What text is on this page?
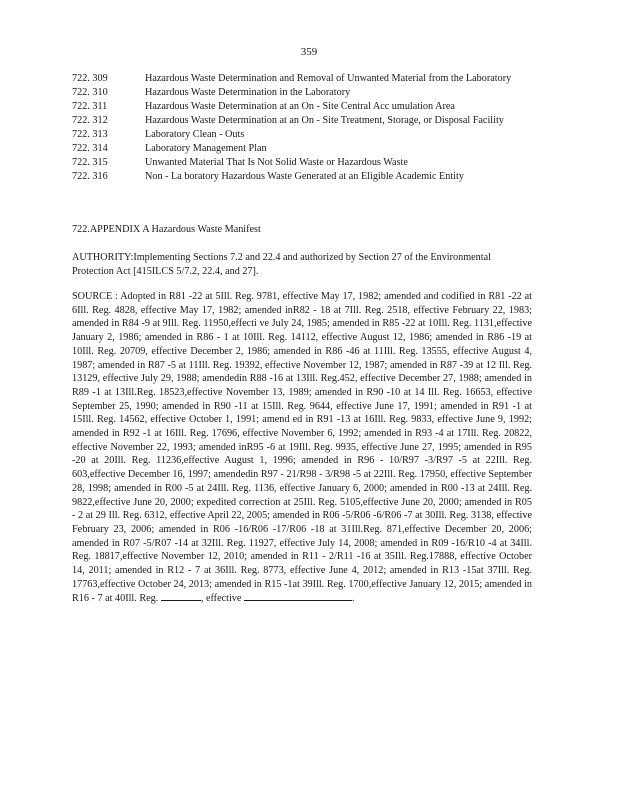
359
722. 309	Hazardous Waste Determination and Removal of Unwanted Material from the Laboratory
722. 310	Hazardous Waste Determination in the Laboratory
722. 311	Hazardous Waste Determination at an On - Site Central Acc umulation Area
722. 312	Hazardous Waste Determination at an On - Site Treatment, Storage, or Disposal Facility
722. 313	Laboratory Clean - Outs
722. 314	Laboratory Management Plan
722. 315	Unwanted Material That Is Not Solid Waste or Hazardous Waste
722. 316	Non - La boratory Hazardous Waste Generated at an Eligible Academic Entity
722.APPENDIX A Hazardous Waste Manifest
AUTHORITY:Implementing Sections 7.2 and 22.4 and authorized by Section 27 of the Environmental Protection Act [415ILCS 5/7.2, 22.4, and 27].
SOURCE : Adopted in R81 -22 at 5Ill. Reg. 9781, effective May 17, 1982; amended and codified in R81 -22 at 6Ill. Reg. 4828, effective May 17, 1982; amended inR82 - 18 at 7Ill. Reg. 2518, effective February 22, 1983; amended in R84 -9 at 9Ill. Reg. 11950,effecti ve July 24, 1985; amended in R85 -22 at 10Ill. Reg. 1131,effective January 2, 1986; amended in R86 - 1 at 10Ill. Reg. 14112, effective August 12, 1986; amended in R86 -19 at 10Ill. Reg. 20709, effective December 2, 1986; amended in R86 -46 at 11Ill. Reg. 13555, effective August 4, 1987; amended in R87 -5 at 11Ill. Reg. 19392, effective November 12, 1987; amended in R87 -39 at 12 Ill. Reg. 13129, effective July 29, 1988; amendedin R88 -16 at 13Ill. Reg.452, effective December 27, 1988; amended in R89 -1 at 13Ill.Reg. 18523,effective November 13, 1989; amended in R90 -10 at 14 Ill. Reg. 16653, effective September 25, 1990; amended in R90 -11 at 15Ill. Reg. 9644, effective June 17, 1991; amended in R91 -1 at 15Ill. Reg. 14562, effective October 1, 1991; amend ed in R91 -13 at 16Ill. Reg. 9833, effective June 9, 1992; amended in R92 -1 at 16Ill. Reg. 17696, effective November 6, 1992; amended in R93 -4 at 17Ill. Reg. 20822, effective November 22, 1993; amended inR95 -6 at 19Ill. Reg. 9935, effective June 27, 1995; amended in R95 -20 at 20Ill. Reg. 11236,effective August 1, 1996; amended in R96 - 10/R97 -3/R97 -5 at 22Ill. Reg. 603,effective December 16, 1997; amendedin R97 - 21/R98 - 3/R98 -5 at 22Ill. Reg. 17950, effective September 28, 1998; amended in R00 -5 at 24Ill. Reg. 1136, effective January 6, 2000; amended in R00 -13 at 24Ill. Reg. 9822,effective June 20, 2000; expedited correction at 25Ill. Reg. 5105,effective June 20, 2000; amended in R05 - 2 at 29 Ill. Reg. 6312, effective April 22, 2005; amended in R06 -5/R06 -6/R06 -7 at 30Ill. Reg. 3138, effective February 23, 2006; amended in R06 -16/R06 -17/R06 -18 at 31Ill.Reg. 871,effective December 20, 2006; amended in R07 -5/R07 -14 at 32Ill. Reg. 11927, effective July 14, 2008; amended in R09 -16/R10 -4 at 34Ill. Reg. 18817,effective November 12, 2010; amended in R11 - 2/R11 -16 at 35Ill. Reg.17888, effective October 14, 2011; amended in R12 - 7 at 36Ill. Reg. 8773, effective June 4, 2012; amended in R13 -15at 37Ill. Reg. 17763,effective October 24, 2013; amended in R15 -1at 39Ill. Reg. 1700,effective January 12, 2015; amended in R16 - 7 at 40Ill. Reg.	, effective	.
